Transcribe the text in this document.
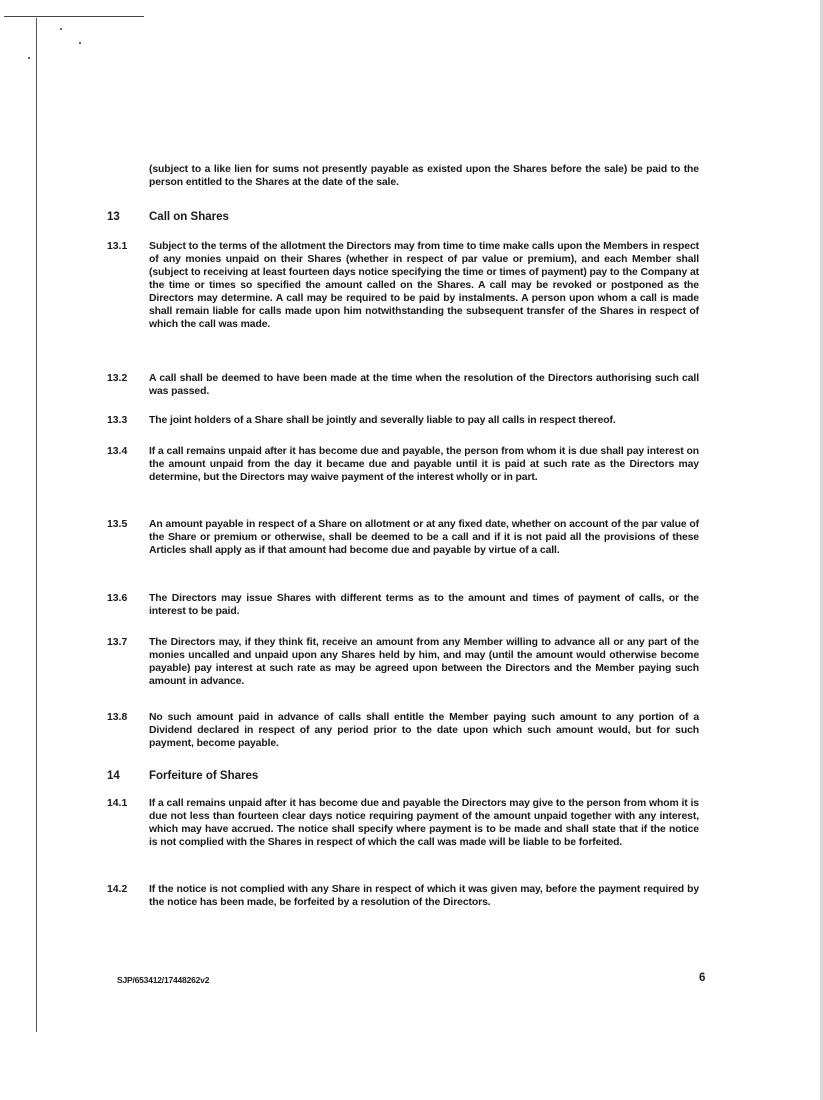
(subject to a like lien for sums not presently payable as existed upon the Shares before the sale) be paid to the person entitled to the Shares at the date of the sale.
13	Call on Shares
13.1 Subject to the terms of the allotment the Directors may from time to time make calls upon the Members in respect of any monies unpaid on their Shares (whether in respect of par value or premium), and each Member shall (subject to receiving at least fourteen days notice specifying the time or times of payment) pay to the Company at the time or times so specified the amount called on the Shares. A call may be revoked or postponed as the Directors may determine. A call may be required to be paid by instalments. A person upon whom a call is made shall remain liable for calls made upon him notwithstanding the subsequent transfer of the Shares in respect of which the call was made.
13.2 A call shall be deemed to have been made at the time when the resolution of the Directors authorising such call was passed.
13.3 The joint holders of a Share shall be jointly and severally liable to pay all calls in respect thereof.
13.4 If a call remains unpaid after it has become due and payable, the person from whom it is due shall pay interest on the amount unpaid from the day it became due and payable until it is paid at such rate as the Directors may determine, but the Directors may waive payment of the interest wholly or in part.
13.5 An amount payable in respect of a Share on allotment or at any fixed date, whether on account of the par value of the Share or premium or otherwise, shall be deemed to be a call and if it is not paid all the provisions of these Articles shall apply as if that amount had become due and payable by virtue of a call.
13.6 The Directors may issue Shares with different terms as to the amount and times of payment of calls, or the interest to be paid.
13.7 The Directors may, if they think fit, receive an amount from any Member willing to advance all or any part of the monies uncalled and unpaid upon any Shares held by him, and may (until the amount would otherwise become payable) pay interest at such rate as may be agreed upon between the Directors and the Member paying such amount in advance.
13.8 No such amount paid in advance of calls shall entitle the Member paying such amount to any portion of a Dividend declared in respect of any period prior to the date upon which such amount would, but for such payment, become payable.
14	Forfeiture of Shares
14.1 If a call remains unpaid after it has become due and payable the Directors may give to the person from whom it is due not less than fourteen clear days notice requiring payment of the amount unpaid together with any interest, which may have accrued. The notice shall specify where payment is to be made and shall state that if the notice is not complied with the Shares in respect of which the call was made will be liable to be forfeited.
14.2 If the notice is not complied with any Share in respect of which it was given may, before the payment required by the notice has been made, be forfeited by a resolution of the Directors.
SJP/653412/17448262v2	6
